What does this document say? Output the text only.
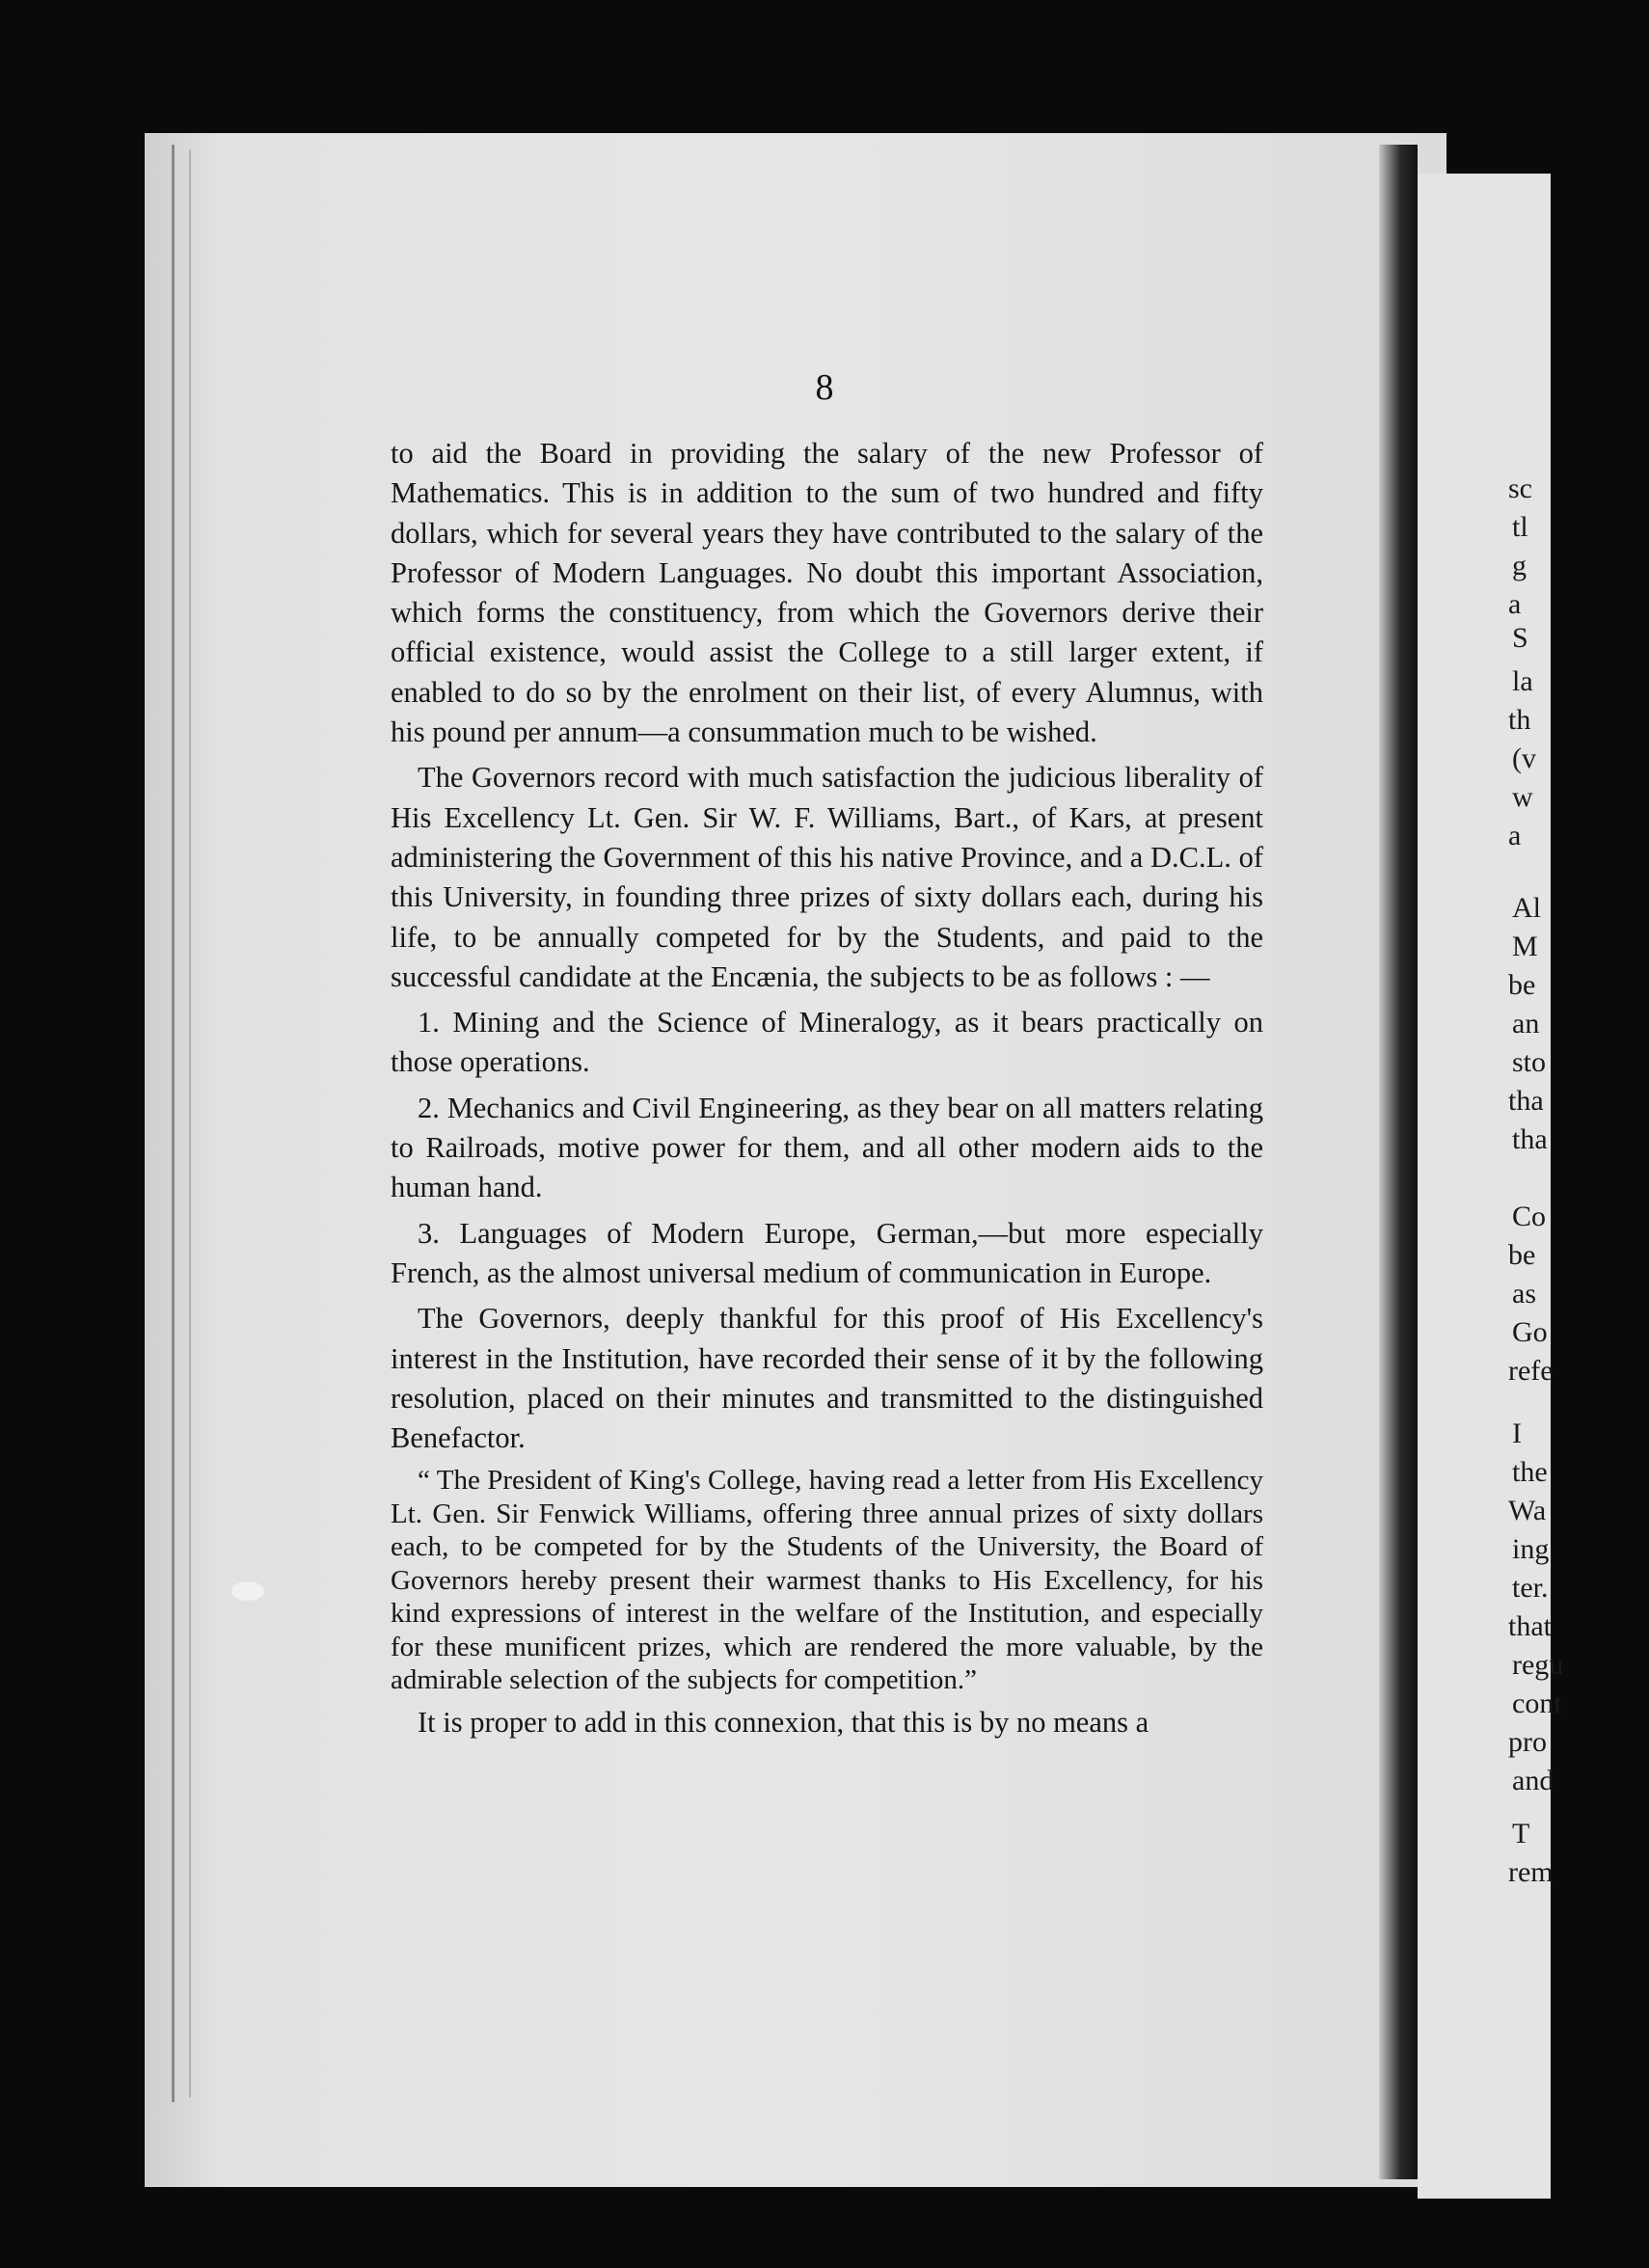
sc
tl
g
a
S
la
th
(v
w
a
Al
M
be
an
sto
tha
tha
Co
be
as
Go
refe
I
the
Wa
ing
ter.
that
regu
cont
pro
and
T
rem
8

to aid the Board in providing the salary of the new Professor of Mathematics. This is in addition to the sum of two hundred and fifty dollars, which for several years they have contributed to the salary of the Professor of Modern Languages. No doubt this important Association, which forms the constituency, from which the Governors derive their official existence, would assist the College to a still larger extent, if enabled to do so by the enrolment on their list, of every Alumnus, with his pound per annum—a consummation much to be wished.

The Governors record with much satisfaction the judicious liberality of His Excellency Lt. Gen. Sir W. F. Williams, Bart., of Kars, at present administering the Government of this his native Province, and a D.C.L. of this University, in founding three prizes of sixty dollars each, during his life, to be annually competed for by the Students, and paid to the successful candidate at the Encænia, the subjects to be as follows : —

1. Mining and the Science of Mineralogy, as it bears practically on those operations.

2. Mechanics and Civil Engineering, as they bear on all matters relating to Railroads, motive power for them, and all other modern aids to the human hand.

3. Languages of Modern Europe, German,—but more especially French, as the almost universal medium of communication in Europe.

The Governors, deeply thankful for this proof of His Excellency's interest in the Institution, have recorded their sense of it by the following resolution, placed on their minutes and transmitted to the distinguished Benefactor.

“ The President of King's College, having read a letter from His Excellency Lt. Gen. Sir Fenwick Williams, offering three annual prizes of sixty dollars each, to be competed for by the Students of the University, the Board of Governors hereby present their warmest thanks to His Excellency, for his kind expressions of interest in the welfare of the Institution, and especially for these munificent prizes, which are rendered the more valuable, by the admirable selection of the subjects for competition.”

It is proper to add in this connexion, that this is by no means a
